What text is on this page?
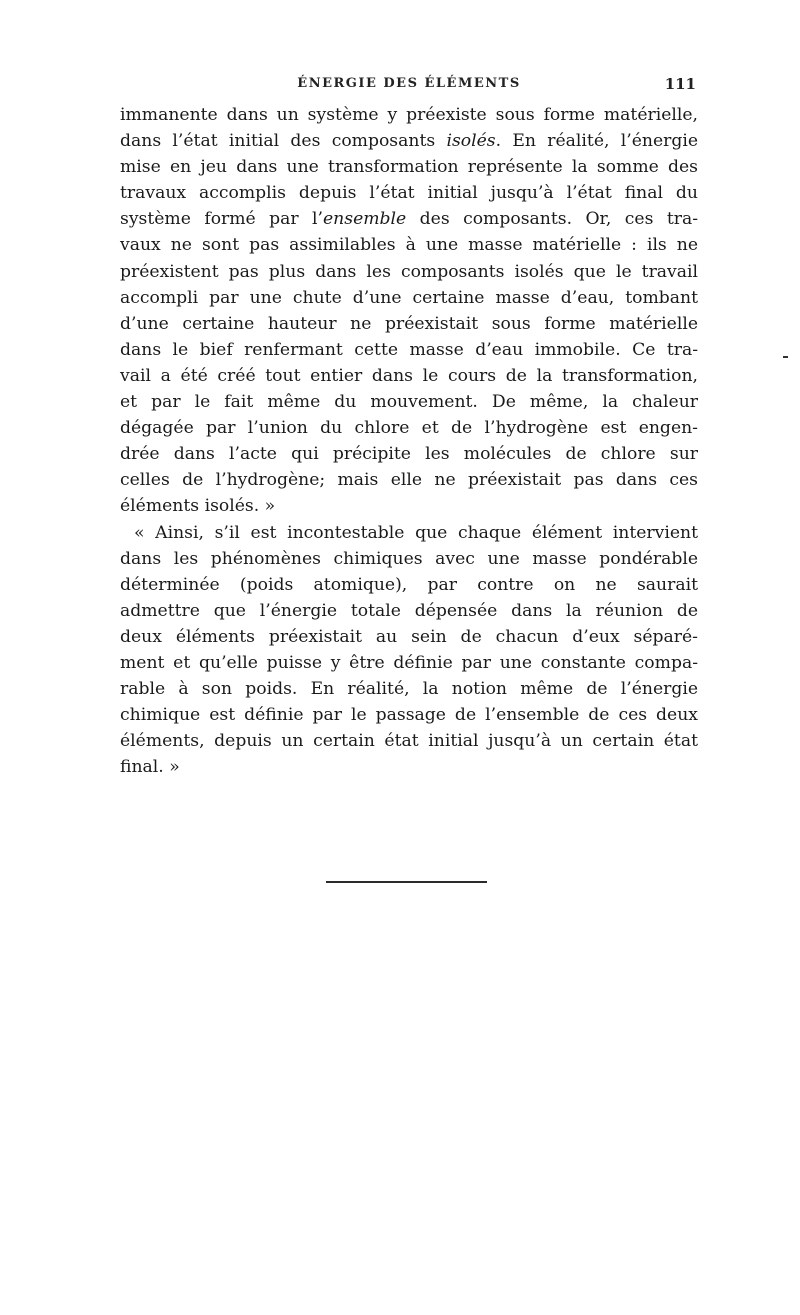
ÉNERGIE DES ÉLÉMENTS	111
immanente dans un système y préexiste sous forme matérielle,
dans l’état initial des composants isolés. En réalité, l’énergie
mise en jeu dans une transformation représente la somme des
travaux accomplis depuis l’état initial jusqu’à l’état final du
système formé par l’ensemble des composants. Or, ces tra-
vaux ne sont pas assimilables à une masse matérielle : ils ne
préexistent pas plus dans les composants isolés que le travail
accompli par une chute d’une certaine masse d’eau, tombant
d’une certaine hauteur ne préexistait sous forme matérielle
dans le bief renfermant cette masse d’eau immobile. Ce tra-
vail a été créé tout entier dans le cours de la transformation,
et par le fait même du mouvement. De même, la chaleur
dégagée par l’union du chlore et de l’hydrogène est engen-
drée dans l’acte qui précipite les molécules de chlore sur
celles de l’hydrogène; mais elle ne préexistait pas dans ces
éléments isolés. »
« Ainsi, s’il est incontestable que chaque élément intervient
dans les phénomènes chimiques avec une masse pondérable
déterminée (poids atomique), par contre on ne saurait
admettre que l’énergie totale dépensée dans la réunion de
deux éléments préexistait au sein de chacun d’eux séparé-
ment et qu’elle puisse y être définie par une constante compa-
rable à son poids. En réalité, la notion même de l’énergie
chimique est définie par le passage de l’ensemble de ces deux
éléments, depuis un certain état initial jusqu’à un certain état
final. »
